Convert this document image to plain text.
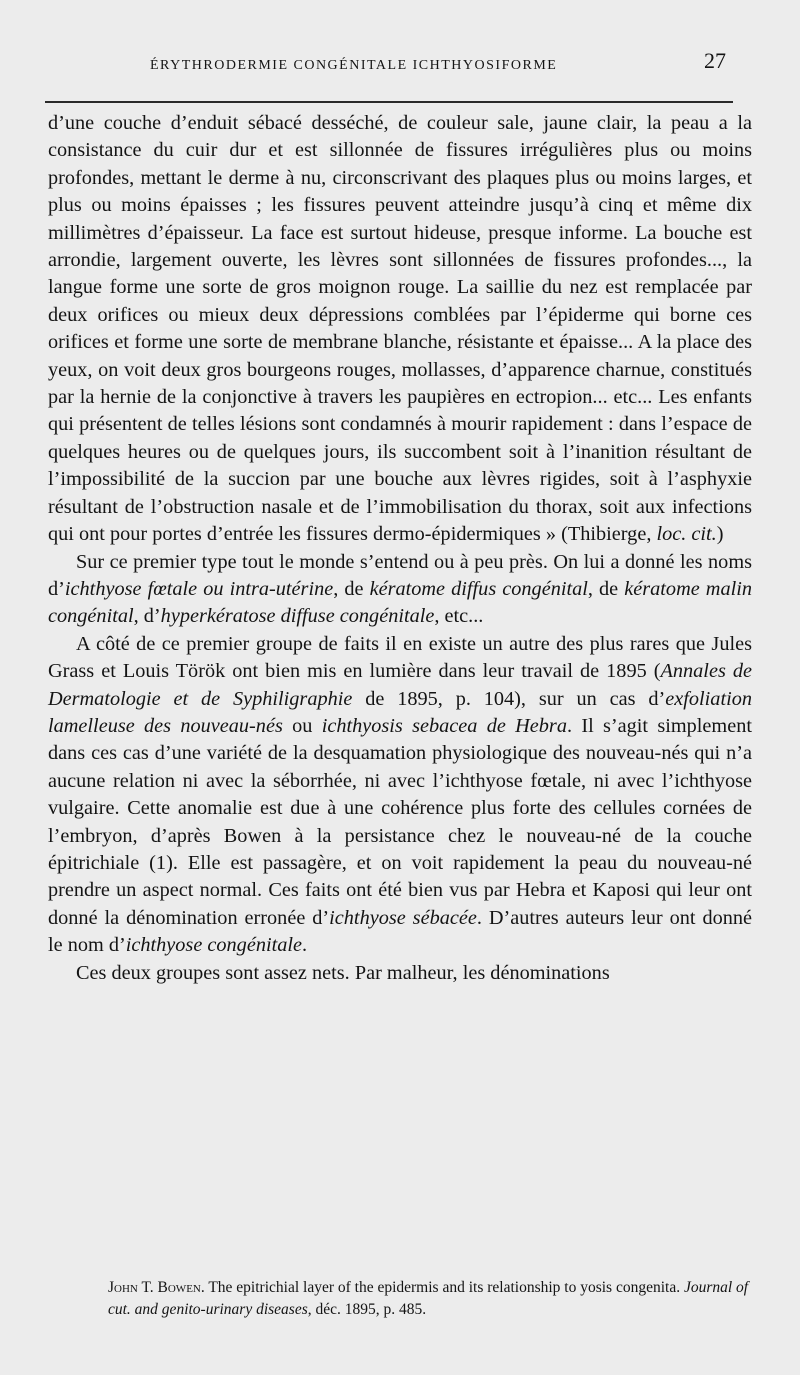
ÉRYTHRODERMIE CONGÉNITALE ICHTHYOSIFORME	27

d’une couche d’enduit sébacé desséché, de couleur sale, jaune clair, la peau a la consistance du cuir dur et est sillonnée de fissures irrégulières plus ou moins profondes, mettant le derme à nu, circonscrivant des plaques plus ou moins larges, et plus ou moins épaisses ; les fissures peuvent atteindre jusqu’à cinq et même dix millimètres d’épaisseur. La face est surtout hideuse, presque informe. La bouche est arrondie, largement ouverte, les lèvres sont sillonnées de fissures profondes..., la langue forme une sorte de gros moignon rouge. La saillie du nez est remplacée par deux orifices ou mieux deux dépressions comblées par l’épiderme qui borne ces orifices et forme une sorte de membrane blanche, résistante et épaisse... A la place des yeux, on voit deux gros bourgeons rouges, mollasses, d’apparence charnue, constitués par la hernie de la conjonctive à travers les paupières en ectropion... etc... Les enfants qui présentent de telles lésions sont condamnés à mourir rapidement : dans l’espace de quelques heures ou de quelques jours, ils succombent soit à l’inanition résultant de l’impossibilité de la succion par une bouche aux lèvres rigides, soit à l’asphyxie résultant de l’obstruction nasale et de l’immobilisation du thorax, soit aux infections qui ont pour portes d’entrée les fissures dermo-épidermiques » (Thibierge, loc. cit.)

Sur ce premier type tout le monde s’entend ou à peu près. On lui a donné les noms d’ichthyose fœtale ou intra-utérine, de kératome diffus congénital, de kératome malin congénital, d’hyperkératose diffuse congénitale, etc...

A côté de ce premier groupe de faits il en existe un autre des plus rares que Jules Grass et Louis Török ont bien mis en lumière dans leur travail de 1895 (Annales de Dermatologie et de Syphiligraphie de 1895, p. 104), sur un cas d’exfoliation lamelleuse des nouveau-nés ou ichthyosis sebacea de Hebra. Il s’agit simplement dans ces cas d’une variété de la desquamation physiologique des nouveau-nés qui n’a aucune relation ni avec la séborrhée, ni avec l’ichthyose fœtale, ni avec l’ichthyose vulgaire. Cette anomalie est due à une cohérence plus forte des cellules cornées de l’embryon, d’après Bowen à la persistance chez le nouveau-né de la couche épitrichiale (1). Elle est passagère, et on voit rapidement la peau du nouveau-né prendre un aspect normal. Ces faits ont été bien vus par Hebra et Kaposi qui leur ont donné la dénomination erronée d’ichthyose sébacée. D’autres auteurs leur ont donné le nom d’ichthyose congénitale.

Ces deux groupes sont assez nets. Par malheur, les dénominations

John T. Bowen. The epitrichial layer of the epidermis and its relationship to yosis congenita. Journal of cut. and genito-urinary diseases, déc. 1895, p. 485.
